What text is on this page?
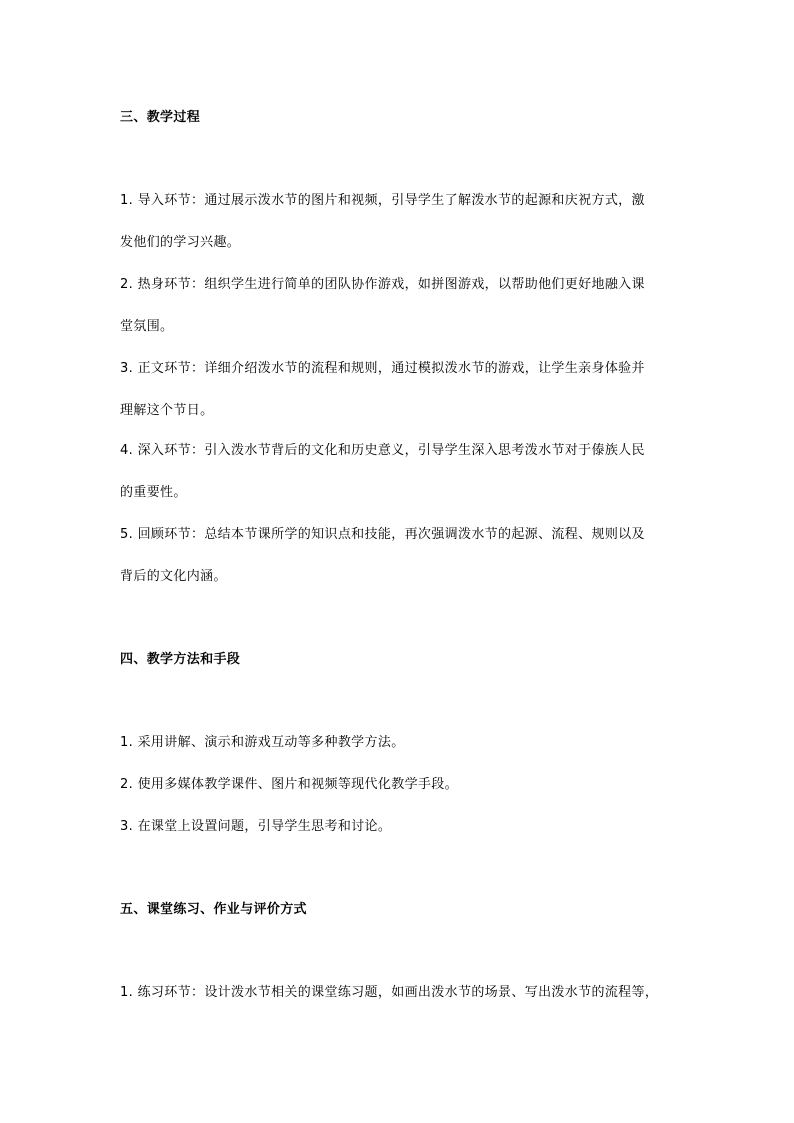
三、教学过程
1. 导入环节：通过展示泼水节的图片和视频，引导学生了解泼水节的起源和庆祝方式，激
发他们的学习兴趣。
2. 热身环节：组织学生进行简单的团队协作游戏，如拼图游戏，以帮助他们更好地融入课
堂氛围。
3. 正文环节：详细介绍泼水节的流程和规则，通过模拟泼水节的游戏，让学生亲身体验并
理解这个节日。
4. 深入环节：引入泼水节背后的文化和历史意义，引导学生深入思考泼水节对于傣族人民
的重要性。
5. 回顾环节：总结本节课所学的知识点和技能，再次强调泼水节的起源、流程、规则以及
背后的文化内涵。
四、教学方法和手段
1. 采用讲解、演示和游戏互动等多种教学方法。
2. 使用多媒体教学课件、图片和视频等现代化教学手段。
3. 在课堂上设置问题，引导学生思考和讨论。
五、课堂练习、作业与评价方式
1. 练习环节：设计泼水节相关的课堂练习题，如画出泼水节的场景、写出泼水节的流程等，
